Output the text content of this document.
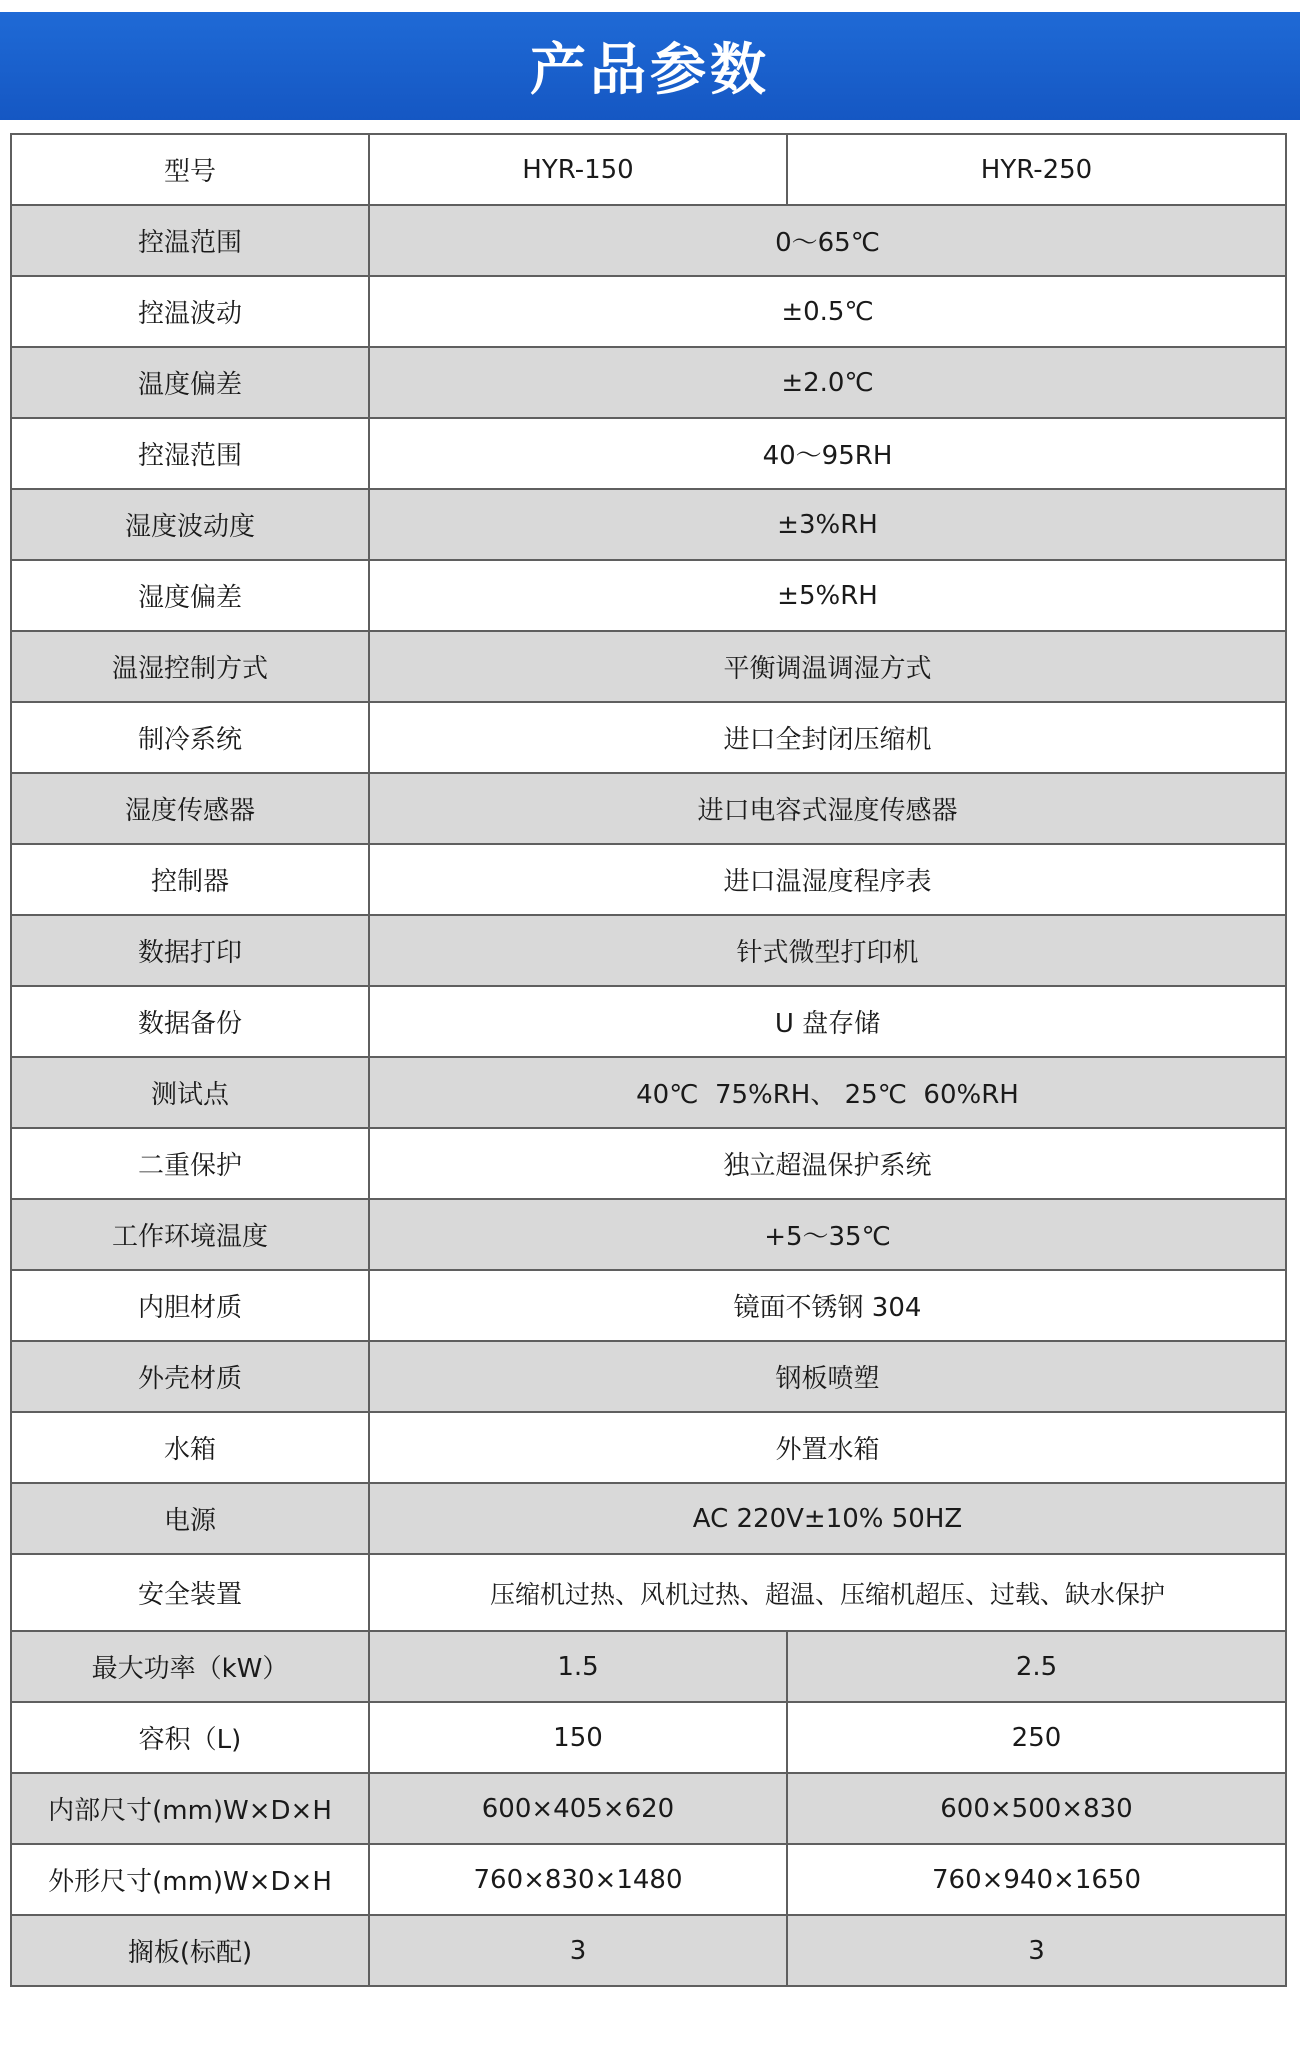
产品参数
型号	HYR-150	HYR-250
控温范围	0～65℃	
控温波动	±0.5℃	
温度偏差	±2.0℃	
控湿范围	40～95RH	
湿度波动度	±3%RH	
湿度偏差	±5%RH	
温湿控制方式	平衡调温调湿方式	
制冷系统	进口全封闭压缩机	
湿度传感器	进口电容式湿度传感器	
控制器	进口温湿度程序表	
数据打印	针式微型打印机	
数据备份	U 盘存储	
测试点	40℃  75%RH、 25℃  60%RH	
二重保护	独立超温保护系统	
工作环境温度	+5～35℃	
内胆材质	镜面不锈钢 304	
外壳材质	钢板喷塑	
水箱	外置水箱	
电源	AC 220V±10% 50HZ	
安全装置	压缩机过热、风机过热、超温、压缩机超压、过载、缺水保护	
最大功率（kW）	1.5	2.5
容积（L)	150	250
内部尺寸(mm)W×D×H	600×405×620	600×500×830
外形尺寸(mm)W×D×H	760×830×1480	760×940×1650
搁板(标配)	3	3
